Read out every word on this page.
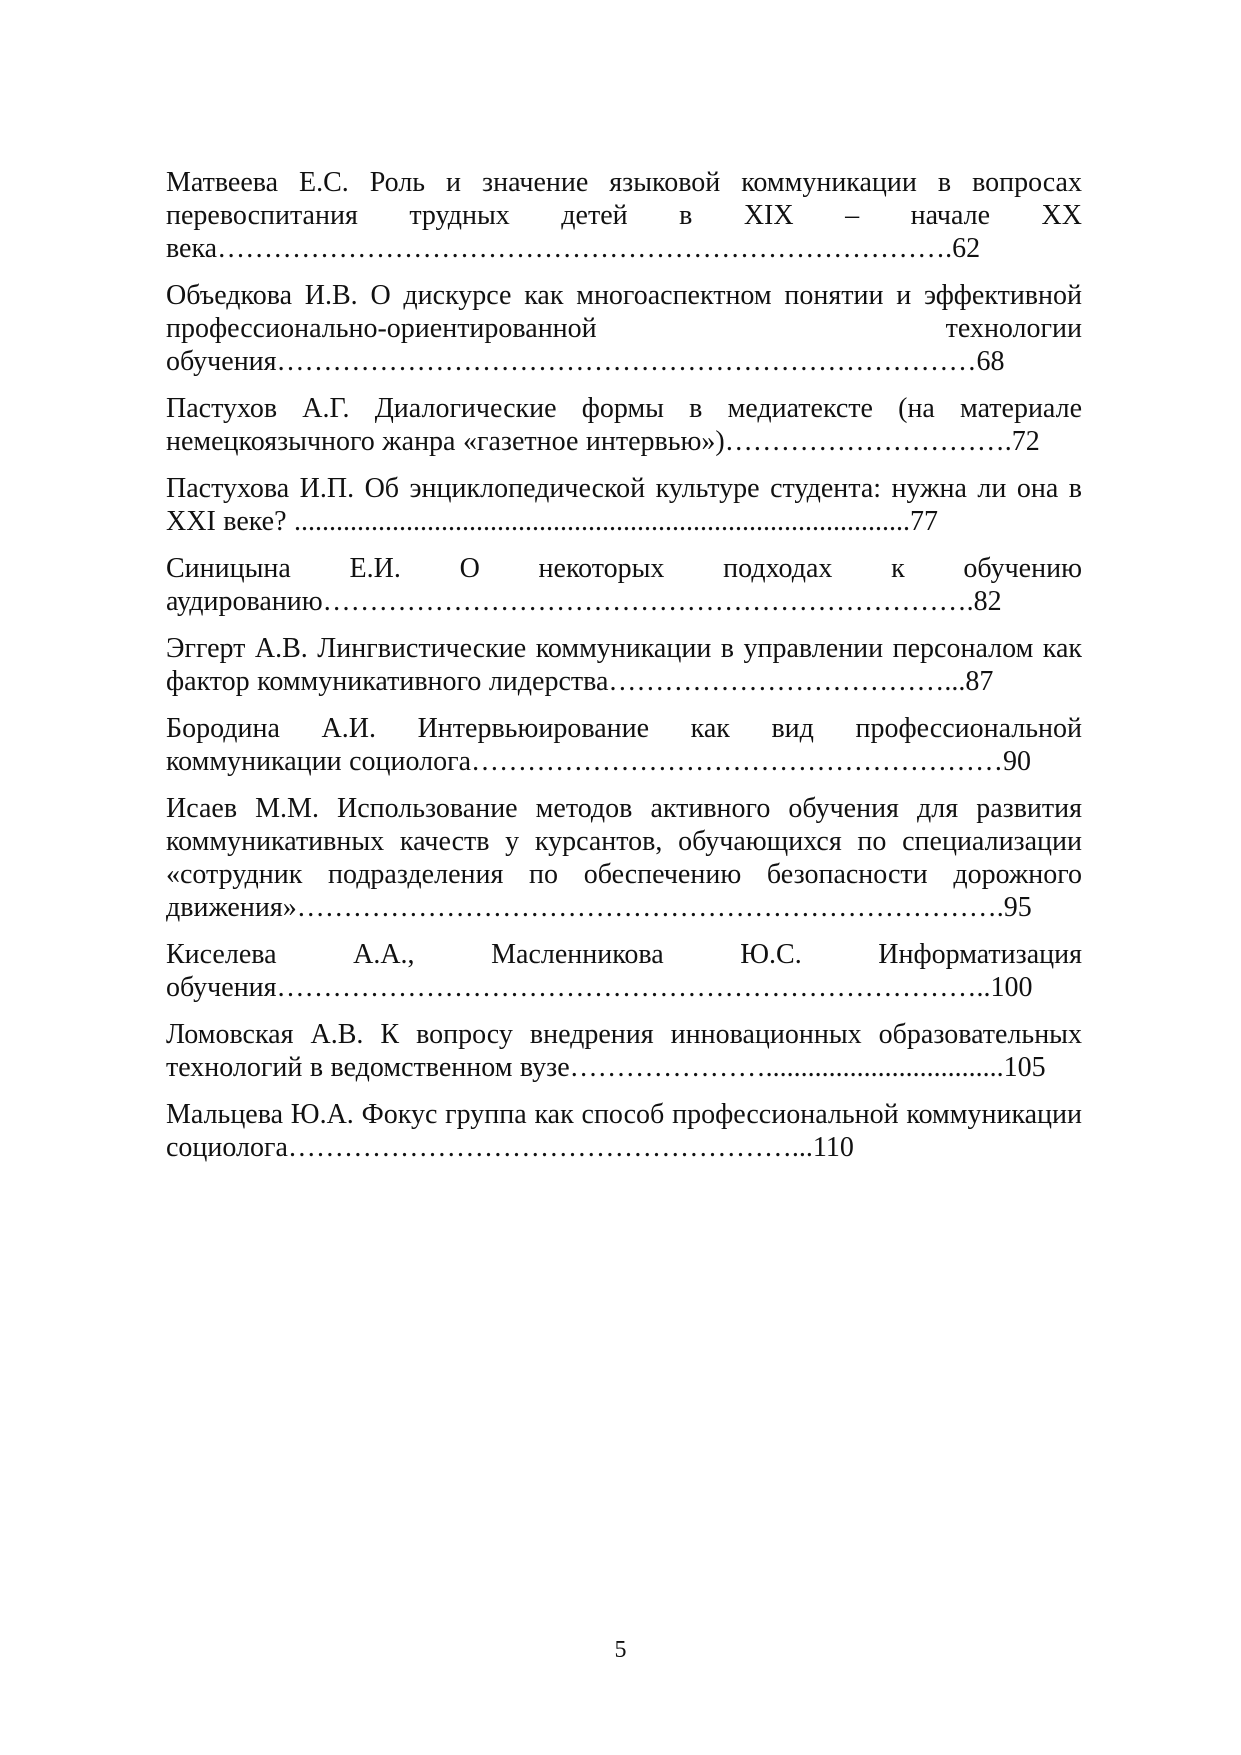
Матвеева Е.С. Роль и значение языковой коммуникации в вопросах перевоспитания трудных детей в XIX – начале XX века…………………………………………………………………….62

Объедкова И.В. О дискурсе как многоаспектном понятии и эффективной профессионально-ориентированной технологии обучения…………………………………………………………………68

Пастухов А.Г. Диалогические формы в медиатексте (на материале немецкоязычного жанра «газетное интервью»)………………………….72

Пастухова И.П. Об энциклопедической культуре студента: нужна ли она в XXI веке? ........................................................................................77

Синицына Е.И. О некоторых подходах к обучению аудированию…………………………………………………………….82

Эггерт А.В. Лингвистические коммуникации в управлении персоналом как фактор коммуникативного лидерства………………………………...87

Бородина А.И. Интервьюирование как вид профессиональной коммуникации социолога…………………………………………………90

Исаев М.М. Использование методов активного обучения для развития коммуникативных качеств у курсантов, обучающихся по специализации «сотрудник подразделения по обеспечению безопасности дорожного движения»………………………………………………………………….95

Киселева А.А., Масленникова Ю.С. Информатизация обучения…………………………………………………………………..100

Ломовская А.В. К вопросу внедрения инновационных образовательных технологий в ведомственном вузе…………………..................................105

Мальцева Ю.А. Фокус группа как способ профессиональной коммуникации социолога………………………………………………...110

5
